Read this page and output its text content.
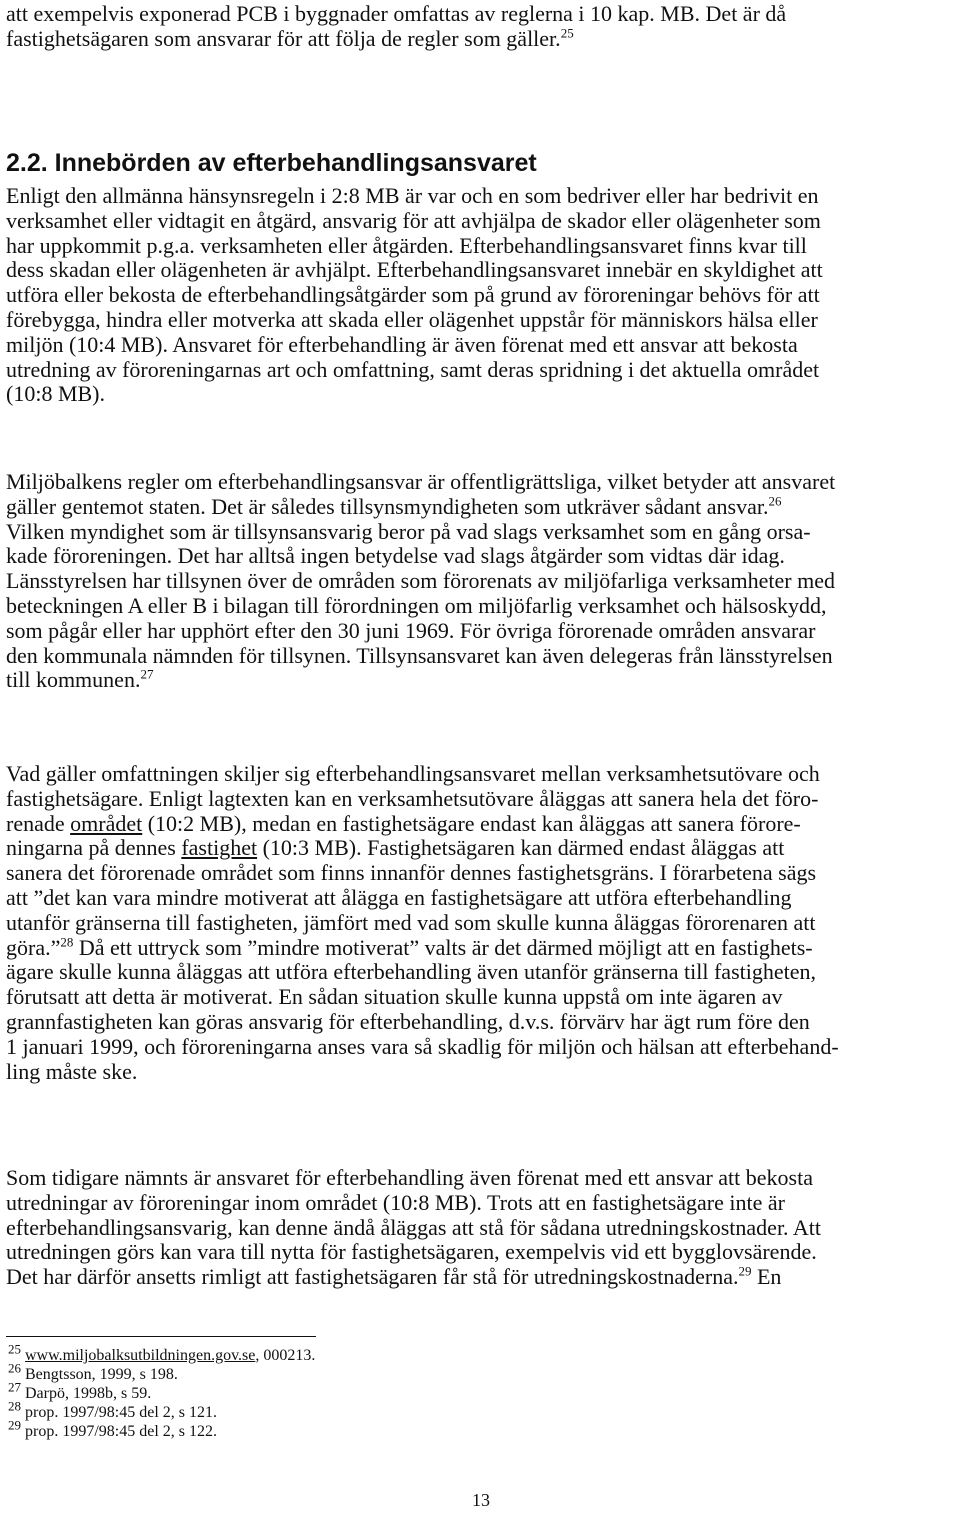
att exempelvis exponerad PCB i byggnader omfattas av reglerna i 10 kap. MB. Det är då
fastighetsägaren som ansvarar för att följa de regler som gäller.$^{25}$
2.2. Innebörden av efterbehandlingsansvaret
Enligt den allmänna hänsynsregeln i 2:8 MB är var och en som bedriver eller har bedrivit en
verksamhet eller vidtagit en åtgärd, ansvarig för att avhjälpa de skador eller olägenheter som
har uppkommit p.g.a. verksamheten eller åtgärden. Efterbehandlingsansvaret finns kvar till
dess skadan eller olägenheten är avhjälpt. Efterbehandlingsansvaret innebär en skyldighet att
utföra eller bekosta de efterbehandlingsåtgärder som på grund av föroreningar behövs för att
förebygga, hindra eller motverka att skada eller olägenhet uppstår för människors hälsa eller
miljön (10:4 MB). Ansvaret för efterbehandling är även förenat med ett ansvar att bekosta
utredning av föroreningarnas art och omfattning, samt deras spridning i det aktuella området
(10:8 MB).
Miljöbalkens regler om efterbehandlingsansvar är offentligrättsliga, vilket betyder att ansvaret
gäller gentemot staten. Det är således tillsynsmyndigheten som utkräver sådant ansvar.$^{26}$
Vilken myndighet som är tillsynsansvarig beror på vad slags verksamhet som en gång orsa-
kade föroreningen. Det har alltså ingen betydelse vad slags åtgärder som vidtas där idag.
Länsstyrelsen har tillsynen över de områden som förorenats av miljöfarliga verksamheter med
beteckningen A eller B i bilagan till förordningen om miljöfarlig verksamhet och hälsoskydd,
som pågår eller har upphört efter den 30 juni 1969. För övriga förorenade områden ansvarar
den kommunala nämnden för tillsynen. Tillsynsansvaret kan även delegeras från länsstyrelsen
till kommunen.$^{27}$
Vad gäller omfattningen skiljer sig efterbehandlingsansvaret mellan verksamhetsutövare och
fastighetsägare. Enligt lagtexten kan en verksamhetsutövare åläggas att sanera hela det föro-
renade området (10:2 MB), medan en fastighetsägare endast kan åläggas att sanera förore-
ningarna på dennes fastighet (10:3 MB). Fastighetsägaren kan därmed endast åläggas att
sanera det förorenade området som finns innanför dennes fastighetsgräns. I förarbetena sägs
att ”det kan vara mindre motiverat att ålägga en fastighetsägare att utföra efterbehandling
utanför gränserna till fastigheten, jämfört med vad som skulle kunna åläggas förorenaren att
göra.”$^{28}$ Då ett uttryck som ”mindre motiverat” valts är det därmed möjligt att en fastighets-
ägare skulle kunna åläggas att utföra efterbehandling även utanför gränserna till fastigheten,
förutsatt att detta är motiverat. En sådan situation skulle kunna uppstå om inte ägaren av
grannfastigheten kan göras ansvarig för efterbehandling, d.v.s. förvärv har ägt rum före den
1 januari 1999, och föroreningarna anses vara så skadlig för miljön och hälsan att efterbehand-
ling måste ske.
Som tidigare nämnts är ansvaret för efterbehandling även förenat med ett ansvar att bekosta
utredningar av föroreningar inom området (10:8 MB). Trots att en fastighetsägare inte är
efterbehandlingsansvarig, kan denne ändå åläggas att stå för sådana utredningskostnader. Att
utredningen görs kan vara till nytta för fastighetsägaren, exempelvis vid ett bygglovsärende.
Det har därför ansetts rimligt att fastighetsägaren får stå för utredningskostnaderna.$^{29}$ En
$^{25}$ www.miljobalksutbildningen.gov.se, 000213.
$^{26}$ Bengtsson, 1999, s 198.
$^{27}$ Darpö, 1998b, s 59.
$^{28}$ prop. 1997/98:45 del 2, s 121.
$^{29}$ prop. 1997/98:45 del 2, s 122.
13
